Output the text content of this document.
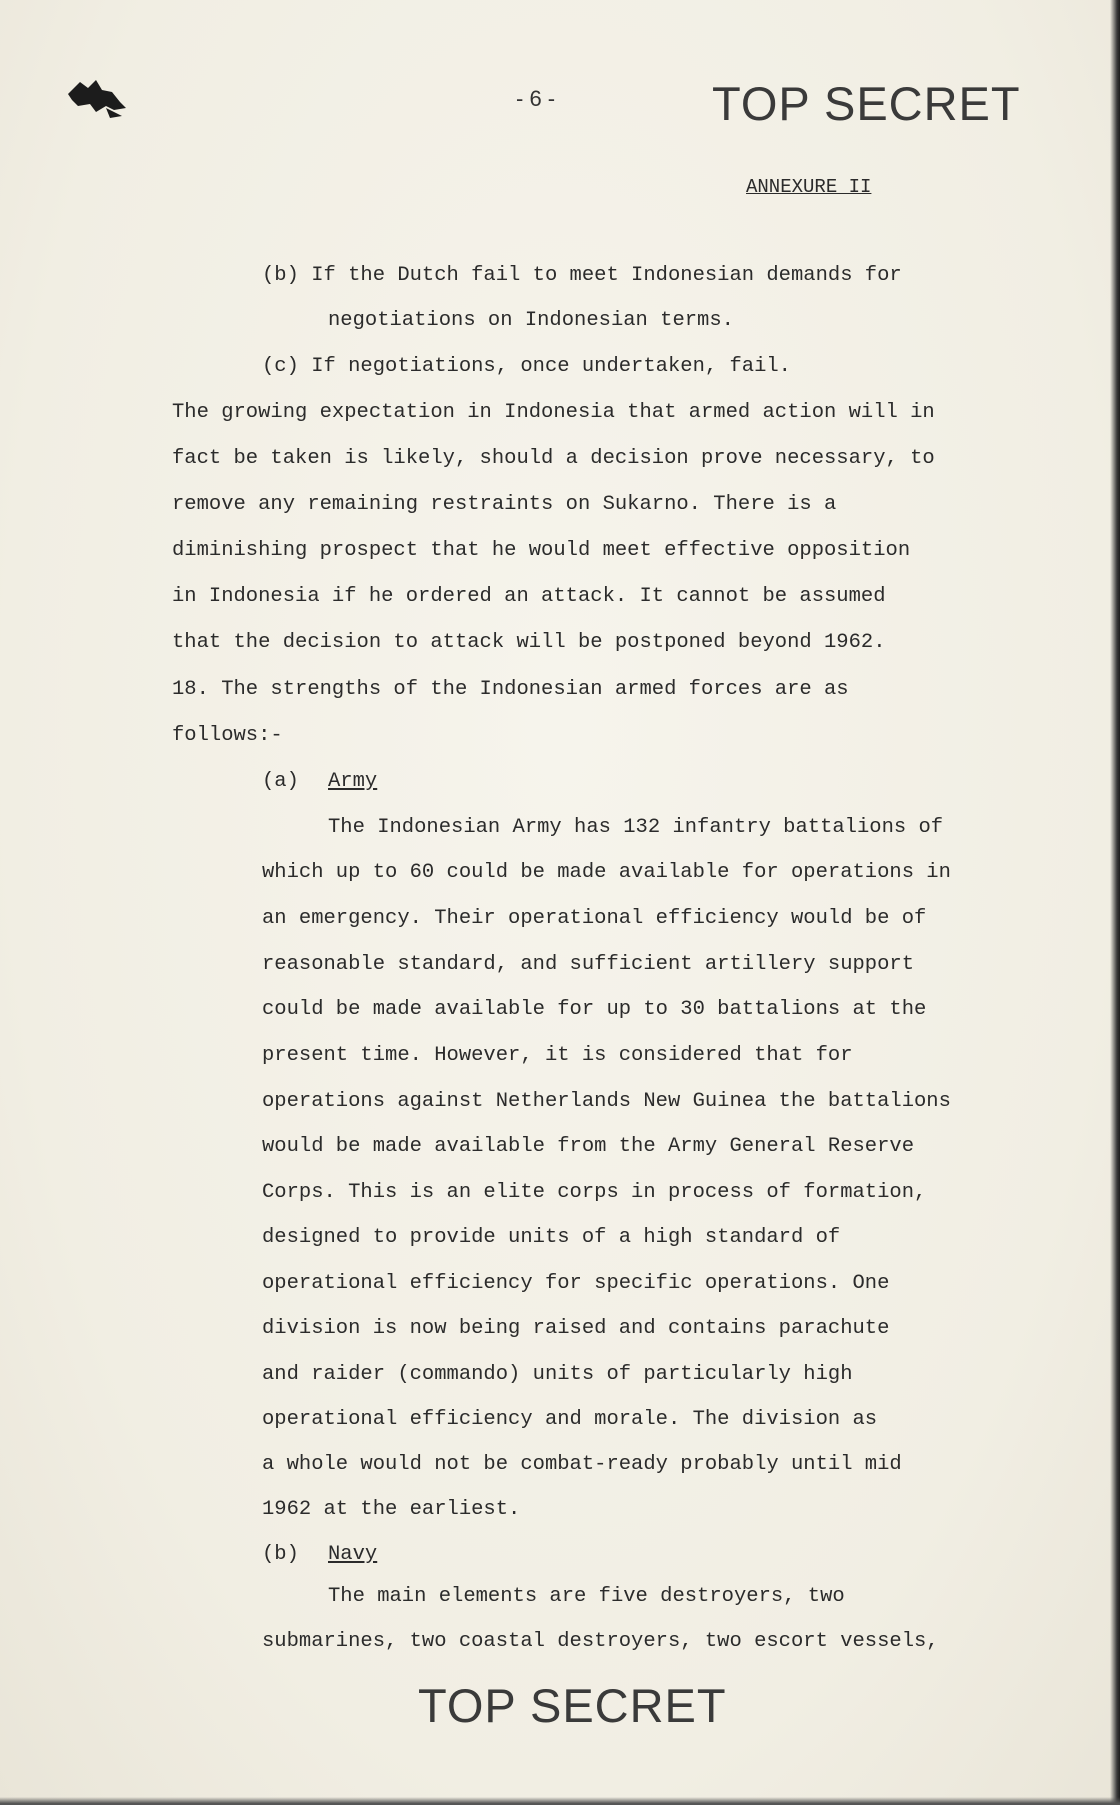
- 6 -	TOP SECRET
ANNEXURE II
(b) If the Dutch fail to meet Indonesian demands for
negotiations on Indonesian terms.
(c) If negotiations, once undertaken, fail.
The growing expectation in Indonesia that armed action will in
fact be taken is likely, should a decision prove necessary, to
remove any remaining restraints on Sukarno. There is a
diminishing prospect that he would meet effective opposition
in Indonesia if he ordered an attack. It cannot be assumed
that the decision to attack will be postponed beyond 1962.
18. The strengths of the Indonesian armed forces are as
follows:-
(a) Army
The Indonesian Army has 132 infantry battalions of
which up to 60 could be made available for operations in
an emergency. Their operational efficiency would be of
reasonable standard, and sufficient artillery support
could be made available for up to 30 battalions at the
present time. However, it is considered that for
operations against Netherlands New Guinea the battalions
would be made available from the Army General Reserve
Corps. This is an elite corps in process of formation,
designed to provide units of a high standard of
operational efficiency for specific operations. One
division is now being raised and contains parachute
and raider (commando) units of particularly high
operational efficiency and morale. The division as
a whole would not be combat-ready probably until mid
1962 at the earliest.
(b) Navy
The main elements are five destroyers, two
submarines, two coastal destroyers, two escort vessels,
TOP SECRET
